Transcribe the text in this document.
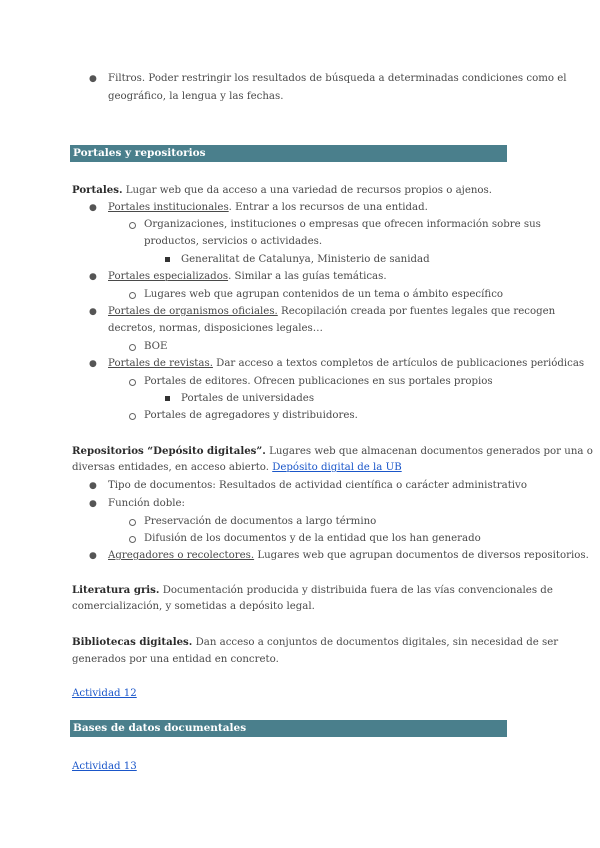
● Filtros. Poder restringir los resultados de búsqueda a determinadas condiciones como el
geográfico, la lengua y las fechas.
Portales y repositorios
Portales. Lugar web que da acceso a una variedad de recursos propios o ajenos.
● Portales institucionales. Entrar a los recursos de una entidad.
Organizaciones, instituciones o empresas que ofrecen información sobre sus
productos, servicios o actividades.
Generalitat de Catalunya, Ministerio de sanidad
● Portales especializados. Similar a las guías temáticas.
Lugares web que agrupan contenidos de un tema o ámbito específico
● Portales de organismos oficiales. Recopilación creada por fuentes legales que recogen
decretos, normas, disposiciones legales…
BOE
● Portales de revistas. Dar acceso a textos completos de artículos de publicaciones periódicas
Portales de editores. Ofrecen publicaciones en sus portales propios
Portales de universidades
Portales de agregadores y distribuidores.
Repositorios “Depósito digitales”. Lugares web que almacenan documentos generados por una o
diversas entidades, en acceso abierto. Depósito digital de la UB
● Tipo de documentos: Resultados de actividad científica o carácter administrativo
● Función doble:
Preservación de documentos a largo término
Difusión de los documentos y de la entidad que los han generado
● Agregadores o recolectores. Lugares web que agrupan documentos de diversos repositorios.
Literatura gris. Documentación producida y distribuida fuera de las vías convencionales de
comercialización, y sometidas a depósito legal.
Bibliotecas digitales. Dan acceso a conjuntos de documentos digitales, sin necesidad de ser
generados por una entidad en concreto.
Actividad 12
Bases de datos documentales
Actividad 13
